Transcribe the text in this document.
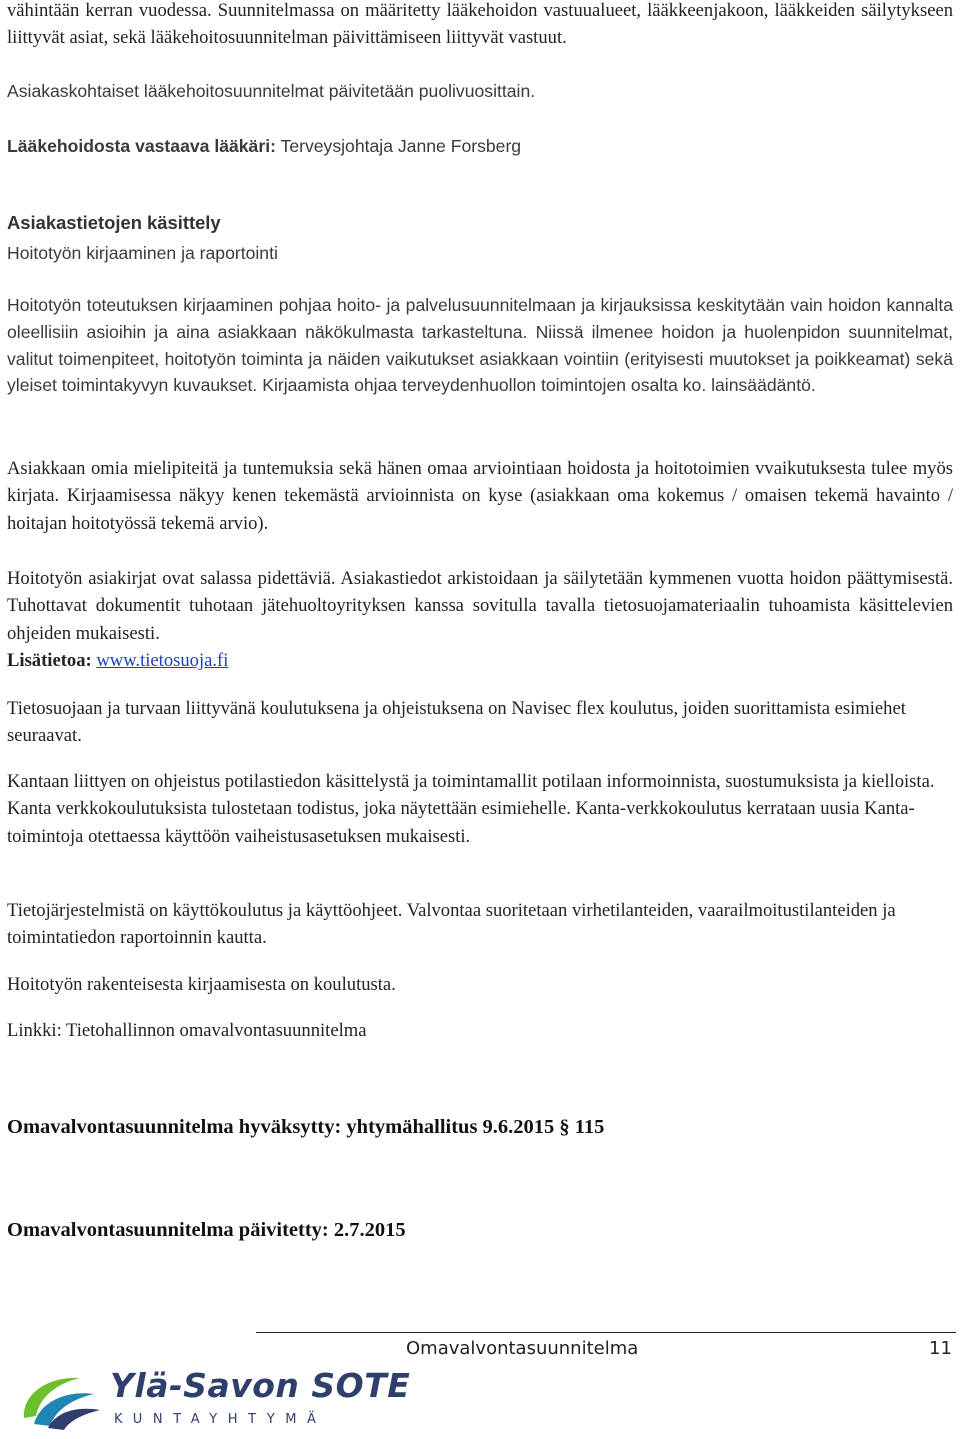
vähintään kerran vuodessa. Suunnitelmassa on määritetty lääkehoidon vastuualueet, lääkkeenjakoon, lääkkeiden säilytykseen liittyvät asiat, sekä lääkehoitosuunnitelman päivittämiseen liittyvät vastuut.

Asiakaskohtaiset lääkehoitosuunnitelmat päivitetään puolivuosittain.

Lääkehoidosta vastaava lääkäri: Terveysjohtaja Janne Forsberg

Asiakastietojen käsittely

Hoitotyön kirjaaminen ja raportointi

Hoitotyön toteutuksen kirjaaminen pohjaa hoito- ja palvelusuunnitelmaan ja kirjauksissa keskitytään vain hoidon kannalta oleellisiin asioihin ja aina asiakkaan näkökulmasta tarkasteltuna. Niissä ilmenee hoidon ja huolenpidon suunnitelmat, valitut toimenpiteet, hoitotyön toiminta ja näiden vaikutukset asiakkaan vointiin (erityisesti muutokset ja poikkeamat) sekä yleiset toimintakyvyn kuvaukset. Kirjaamista ohjaa terveydenhuollon toimintojen osalta ko. lainsäädäntö.

Asiakkaan omia mielipiteitä ja tuntemuksia sekä hänen omaa arviointiaan hoidosta ja hoitotoimien vvaikutuksesta tulee myös kirjata. Kirjaamisessa näkyy kenen tekemästä arvioinnista on kyse (asiakkaan oma kokemus / omaisen tekemä havainto / hoitajan hoitotyössä tekemä arvio).

Hoitotyön asiakirjat ovat salassa pidettäviä. Asiakastiedot arkistoidaan ja säilytetään kymmenen vuotta hoidon päättymisestä. Tuhottavat dokumentit tuhotaan jätehuoltoyrityksen kanssa sovitulla tavalla tietosuojamateriaalin tuhoamista käsittelevien ohjeiden mukaisesti.

Lisätietoa: www.tietosuoja.fi

Tietosuojaan ja turvaan liittyvänä koulutuksena ja ohjeistuksena on Navisec flex koulutus, joiden suorittamista esimiehet seuraavat.

Kantaan liittyen on ohjeistus potilastiedon käsittelystä ja toimintamallit potilaan informoinnista, suostumuksista ja kielloista. Kanta verkkokoulutuksista tulostetaan todistus, joka näytettään esimiehelle. Kanta-verkkokoulutus kerrataan uusia Kanta-toimintoja otettaessa käyttöön vaiheistusasetuksen mukaisesti.

Tietojärjestelmistä on käyttökoulutus ja käyttöohjeet. Valvontaa suoritetaan virhetilanteiden, vaarailmoitustilanteiden ja toimintatiedon raportoinnin kautta.

Hoitotyön rakenteisesta kirjaamisesta on koulutusta.

Linkki: Tietohallinnon omavalvontasuunnitelma

Omavalvontasuunnitelma hyväksytty: yhtymähallitus 9.6.2015 § 115

Omavalvontasuunnitelma päivitetty: 2.7.2015

Omavalvontasuunnitelma	11
Ylä-Savon SOTE
KUNTAYHTYMÄ
